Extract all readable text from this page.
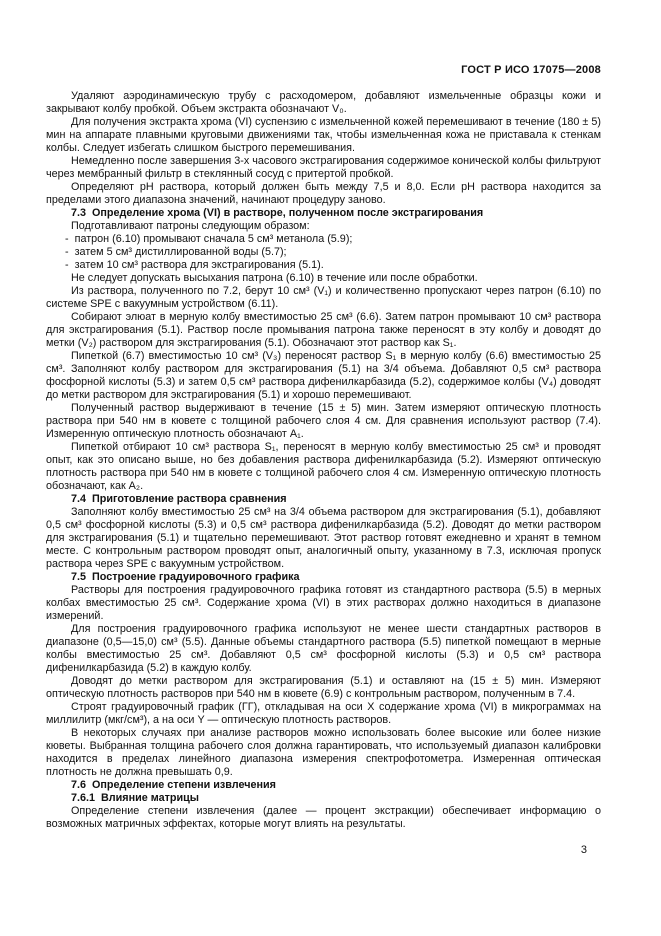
ГОСТ Р ИСО 17075—2008

Удаляют аэродинамическую трубу с расходомером, добавляют измельченные образцы кожи и закрывают колбу пробкой. Объем экстракта обозначают V₀.

Для получения экстракта хрома (VI) суспензию с измельченной кожей перемешивают в течение (180 ± 5) мин на аппарате плавными круговыми движениями так, чтобы измельченная кожа не приставала к стенкам колбы. Следует избегать слишком быстрого перемешивания.

Немедленно после завершения 3-х часового экстрагирования содержимое конической колбы фильтруют через мембранный фильтр в стеклянный сосуд с притертой пробкой.

Определяют pH раствора, который должен быть между 7,5 и 8,0. Если pH раствора находится за пределами этого диапазона значений, начинают процедуру заново.

7.3  Определение хрома (VI) в растворе, полученном после экстрагирования

Подготавливают патроны следующим образом:

-  патрон (6.10) промывают сначала 5 см³ метанола (5.9);

-  затем 5 см³ дистиллированной воды (5.7);

-  затем 10 см³ раствора для экстрагирования (5.1).

Не следует допускать высыхания патрона (6.10) в течение или после обработки.

Из раствора, полученного по 7.2, берут 10 см³ (V₁) и количественно пропускают через патрон (6.10) по системе SPE с вакуумным устройством (6.11).

Собирают элюат в мерную колбу вместимостью 25 см³ (6.6). Затем патрон промывают 10 см³ раствора для экстрагирования (5.1). Раствор после промывания патрона также переносят в эту колбу и доводят до метки (V₂) раствором для экстрагирования (5.1). Обозначают этот раствор как S₁.

Пипеткой (6.7) вместимостью 10 см³ (V₃) переносят раствор S₁ в мерную колбу (6.6) вместимостью 25 см³. Заполняют колбу раствором для экстрагирования (5.1) на 3/4 объема. Добавляют 0,5 см³ раствора фосфорной кислоты (5.3) и затем 0,5 см³ раствора дифенилкарбазида (5.2), содержимое колбы (V₄) доводят до метки раствором для экстрагирования (5.1) и хорошо перемешивают.

Полученный раствор выдерживают в течение (15 ± 5) мин. Затем измеряют оптическую плотность раствора при 540 нм в кювете с толщиной рабочего слоя 4 см. Для сравнения используют раствор (7.4). Измеренную оптическую плотность обозначают A₁.

Пипеткой отбирают 10 см³ раствора S₁, переносят в мерную колбу вместимостью 25 см³ и проводят опыт, как это описано выше, но без добавления раствора дифенилкарбазида (5.2). Измеряют оптическую плотность раствора при 540 нм в кювете с толщиной рабочего слоя 4 см. Измеренную оптическую плотность обозначают, как A₂.

7.4  Приготовление раствора сравнения

Заполняют колбу вместимостью 25 см³ на 3/4 объема раствором для экстрагирования (5.1), добавляют 0,5 см³ фосфорной кислоты (5.3) и 0,5 см³ раствора дифенилкарбазида (5.2). Доводят до метки раствором для экстрагирования (5.1) и тщательно перемешивают. Этот раствор готовят ежедневно и хранят в темном месте. С контрольным раствором проводят опыт, аналогичный опыту, указанному в 7.3, исключая пропуск раствора через SPE с вакуумным устройством.

7.5  Построение градуировочного графика

Растворы для построения градуировочного графика готовят из стандартного раствора (5.5) в мерных колбах вместимостью 25 см³. Содержание хрома (VI) в этих растворах должно находиться в диапазоне измерений.

Для построения градуировочного графика используют не менее шести стандартных растворов в диапазоне (0,5—15,0) см³ (5.5). Данные объемы стандартного раствора (5.5) пипеткой помещают в мерные колбы вместимостью 25 см³. Добавляют 0,5 см³ фосфорной кислоты (5.3) и 0,5 см³ раствора дифенилкарбазида (5.2) в каждую колбу.

Доводят до метки раствором для экстрагирования (5.1) и оставляют на (15 ± 5) мин. Измеряют оптическую плотность растворов при 540 нм в кювете (6.9) с контрольным раствором, полученным в 7.4.

Строят градуировочный график (ГГ), откладывая на оси X содержание хрома (VI) в микрограммах на миллилитр (мкг/см³), а на оси Y — оптическую плотность растворов.

В некоторых случаях при анализе растворов можно использовать более высокие или более низкие кюветы. Выбранная толщина рабочего слоя должна гарантировать, что используемый диапазон калибровки находится в пределах линейного диапазона измерения спектрофотометра. Измеренная оптическая плотность не должна превышать 0,9.

7.6  Определение степени извлечения

7.6.1  Влияние матрицы

Определение степени извлечения (далее — процент экстракции) обеспечивает информацию о возможных матричных эффектах, которые могут влиять на результаты.

3
